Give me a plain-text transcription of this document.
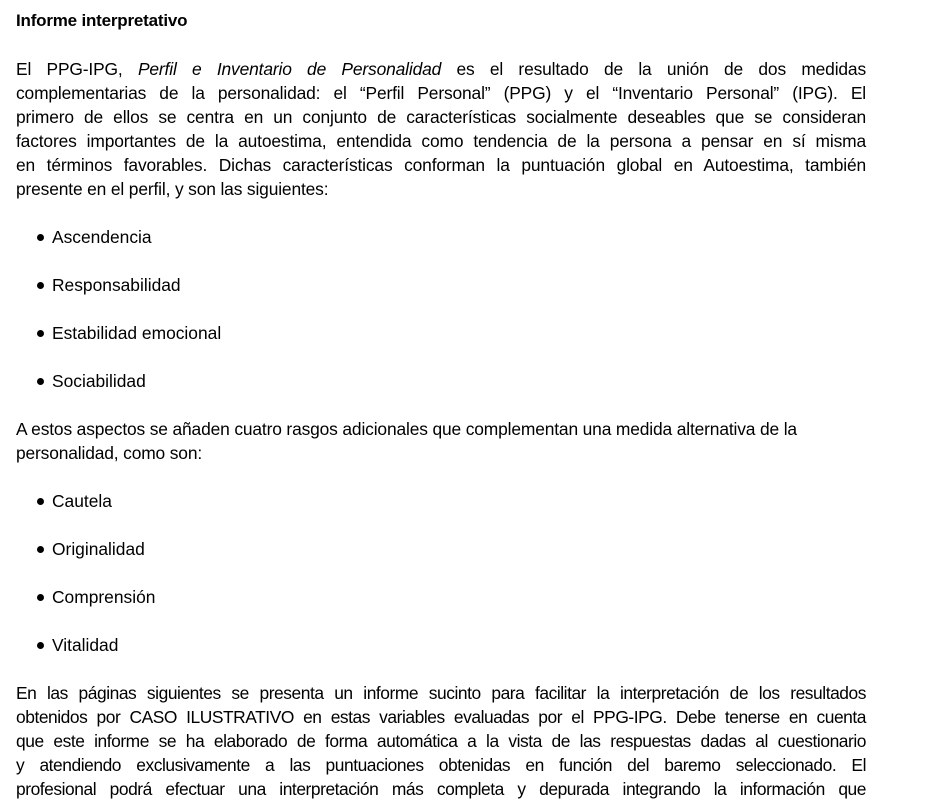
Informe interpretativo
El PPG-IPG, Perfil e Inventario de Personalidad es el resultado de la unión de dos medidas
complementarias de la personalidad: el “Perfil Personal” (PPG) y el “Inventario Personal” (IPG). El
primero de ellos se centra en un conjunto de características socialmente deseables que se consideran
factores importantes de la autoestima, entendida como tendencia de la persona a pensar en sí misma
en términos favorables. Dichas características conforman la puntuación global en Autoestima, también
presente en el perfil, y son las siguientes:
Ascendencia
Responsabilidad
Estabilidad emocional
Sociabilidad
A estos aspectos se añaden cuatro rasgos adicionales que complementan una medida alternativa de la
personalidad, como son:
Cautela
Originalidad
Comprensión
Vitalidad
En las páginas siguientes se presenta un informe sucinto para facilitar la interpretación de los resultados
obtenidos por CASO ILUSTRATIVO en estas variables evaluadas por el PPG-IPG. Debe tenerse en cuenta
que este informe se ha elaborado de forma automática a la vista de las respuestas dadas al cuestionario
y atendiendo exclusivamente a las puntuaciones obtenidas en función del baremo seleccionado. El
profesional podrá efectuar una interpretación más completa y depurada integrando la información que
